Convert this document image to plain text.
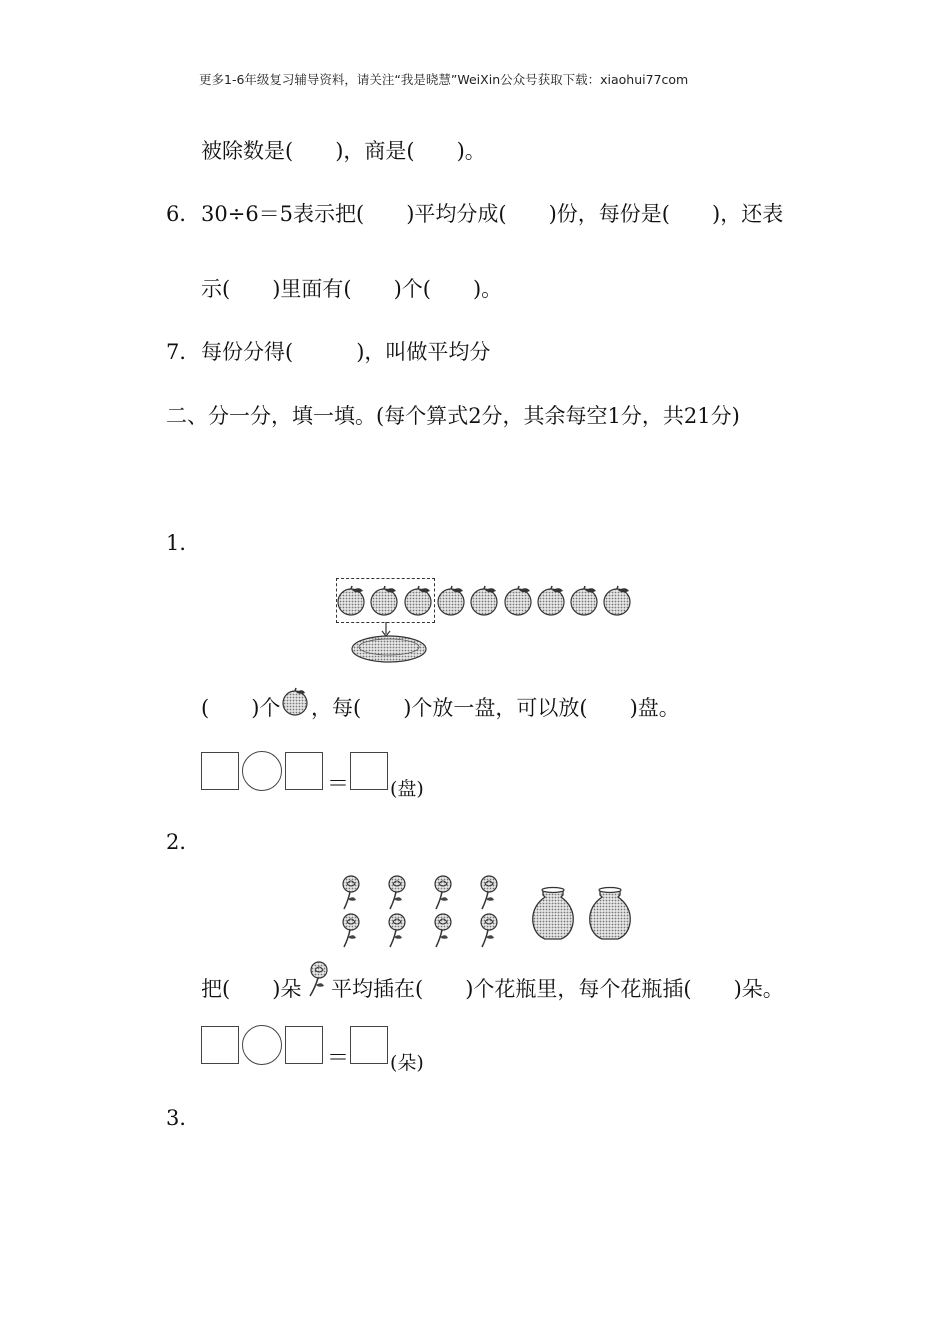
更多1-6年级复习辅导资料，请关注“我是晓慧”WeiXin公众号获取下载：xiaohui77com
被除数是(　　)，商是(　　)。
6． 30÷6＝5表示把(　　)平均分成(　　)份，每份是(　　)，还表
示(　　)里面有(　　)个(　　)。
7． 每份分得(　　　)，叫做平均分
二、分一分，填一填。(每个算式2分，其余每空1分，共21分)
1．
(　　)个 ，每(　　)个放一盘，可以放(　　)盘。
＝ (盘)
2．
把(　　)朵 平均插在(　　)个花瓶里，每个花瓶插(　　)朵。
＝ (朵)
3．
